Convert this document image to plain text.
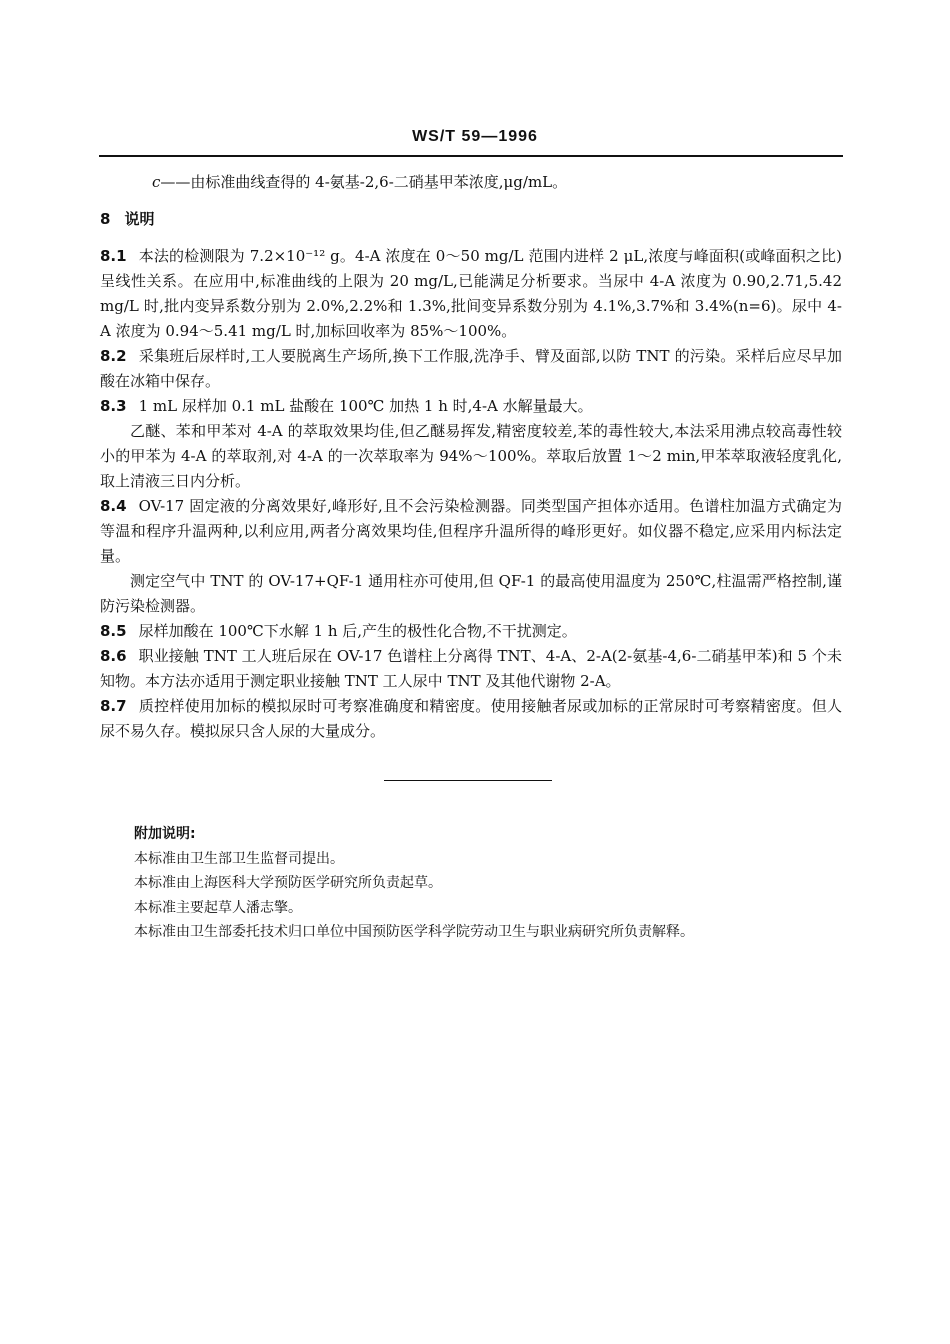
WS/T 59—1996
c——由标准曲线查得的 4-氨基-2,6-二硝基甲苯浓度,μg/mL。
8 说明

8.1 本法的检测限为 7.2×10⁻¹² g。4-A 浓度在 0～50 mg/L 范围内进样 2 μL,浓度与峰面积(或峰面积之比)呈线性关系。在应用中,标准曲线的上限为 20 mg/L,已能满足分析要求。当尿中 4-A 浓度为 0.90,2.71,5.42 mg/L 时,批内变异系数分别为 2.0%,2.2%和 1.3%,批间变异系数分别为 4.1%,3.7%和 3.4%(n=6)。尿中 4-A 浓度为 0.94～5.41 mg/L 时,加标回收率为 85%～100%。

8.2 采集班后尿样时,工人要脱离生产场所,换下工作服,洗净手、臂及面部,以防 TNT 的污染。采样后应尽早加酸在冰箱中保存。

8.3 1 mL 尿样加 0.1 mL 盐酸在 100℃ 加热 1 h 时,4-A 水解量最大。

乙醚、苯和甲苯对 4-A 的萃取效果均佳,但乙醚易挥发,精密度较差,苯的毒性较大,本法采用沸点较高毒性较小的甲苯为 4-A 的萃取剂,对 4-A 的一次萃取率为 94%～100%。萃取后放置 1～2 min,甲苯萃取液轻度乳化,取上清液三日内分析。

8.4 OV-17 固定液的分离效果好,峰形好,且不会污染检测器。同类型国产担体亦适用。色谱柱加温方式确定为等温和程序升温两种,以利应用,两者分离效果均佳,但程序升温所得的峰形更好。如仪器不稳定,应采用内标法定量。

测定空气中 TNT 的 OV-17+QF-1 通用柱亦可使用,但 QF-1 的最高使用温度为 250℃,柱温需严格控制,谨防污染检测器。

8.5 尿样加酸在 100℃下水解 1 h 后,产生的极性化合物,不干扰测定。

8.6 职业接触 TNT 工人班后尿在 OV-17 色谱柱上分离得 TNT、4-A、2-A(2-氨基-4,6-二硝基甲苯)和 5 个未知物。本方法亦适用于测定职业接触 TNT 工人尿中 TNT 及其他代谢物 2-A。

8.7 质控样使用加标的模拟尿时可考察准确度和精密度。使用接触者尿或加标的正常尿时可考察精密度。但人尿不易久存。模拟尿只含人尿的大量成分。

附加说明:
本标准由卫生部卫生监督司提出。
本标准由上海医科大学预防医学研究所负责起草。
本标准主要起草人潘志擎。
本标准由卫生部委托技术归口单位中国预防医学科学院劳动卫生与职业病研究所负责解释。
